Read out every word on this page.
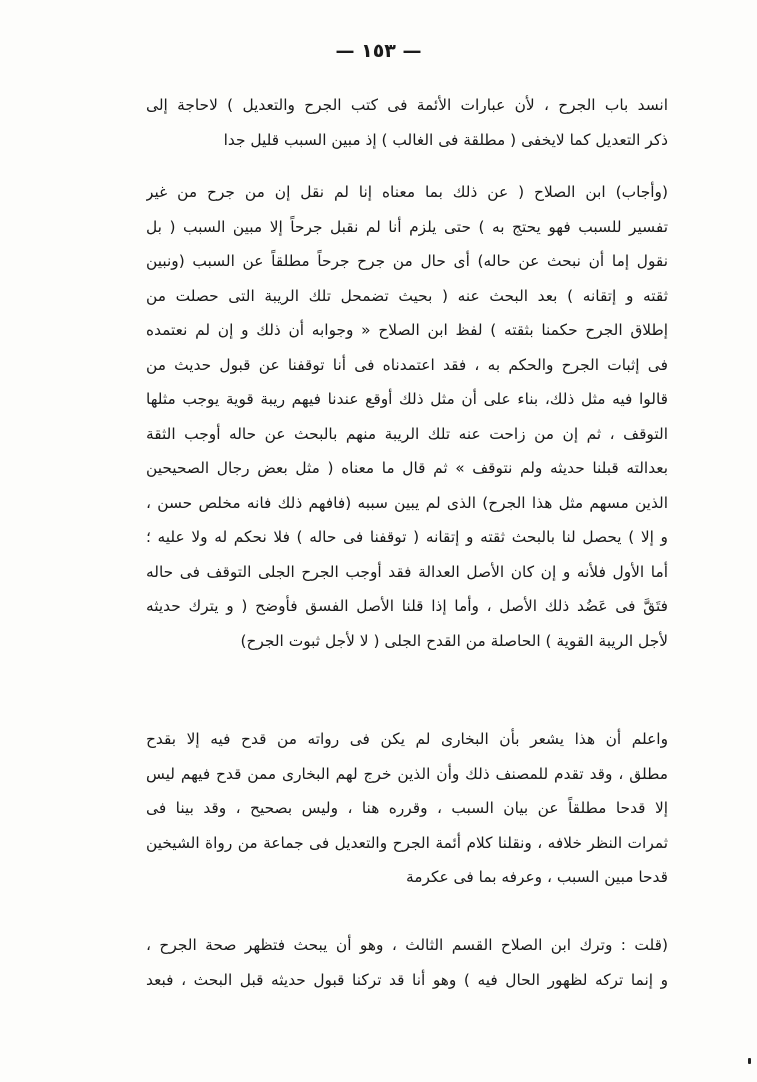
— ١٥٣ —
انسد باب الجرح ، لأن عبارات الأئمة فى كتب الجرح والتعديل ) لاحاجة إلى
ذكر التعديل كما لايخفى ( مطلقة فى الغالب ) إذ مبين السبب قليل جدا
(وأجاب) ابن الصلاح ( عن ذلك بما معناه إنا لم نقل إن من جرح من غير
تفسير للسبب فهو يحتج به ) حتى يلزم أنا لم نقبل جرحاً إلا مبين السبب ( بل
نقول إما أن نبحث عن حاله) أى حال من جرح جرحاً مطلقاً عن السبب (ونبين
ثقته و إتقانه ) بعد البحث عنه ( بحيث تضمحل تلك الريبة التى حصلت من
إطلاق الجرح حكمنا بثقته ) لفظ ابن الصلاح « وجوابه أن ذلك و إن لم نعتمده
فى إثبات الجرح والحكم به ، فقد اعتمدناه فى أنا توقفنا عن قبول حديث من
قالوا فيه مثل ذلك، بناء على أن مثل ذلك أوقع عندنا فيهم ريبة قوية يوجب مثلها
التوقف ، ثم إن من زاحت عنه تلك الريبة منهم بالبحث عن حاله أوجب الثقة
بعدالته قبلنا حديثه ولم نتوقف » ثم قال ما معناه ( مثل بعض رجال الصحيحين
الذين مسهم مثل هذا الجرح) الذى لم يبين سببه (فافهم ذلك فانه مخلص حسن ،
و إلا ) يحصل لنا بالبحث ثقته و إتقانه ( توقفنا فى حاله ) فلا نحكم له ولا عليه ؛
أما الأول فلأنه و إن كان الأصل العدالة فقد أوجب الجرح الجلى التوقف فى حاله
فتَقَّ فى عَضُد ذلك الأصل ، وأما إذا قلنا الأصل الفسق فأوضح ( و يترك حديثه
لأجل الريبة القوية ) الحاصلة من القدح الجلى ( لا لأجل ثبوت الجرح)
واعلم أن هذا يشعر بأن البخارى لم يكن فى رواته من قدح فيه إلا بقدح
مطلق ، وقد تقدم للمصنف ذلك وأن الذين خرج لهم البخارى ممن قدح فيهم ليس
إلا قدحا مطلقاً عن بيان السبب ، وقرره هنا ، وليس بصحيح ، وقد بينا فى
ثمرات النظر خلافه ، ونقلنا كلام أئمة الجرح والتعديل فى جماعة من رواة الشيخين
قدحا مبين السبب ، وعرفه بما فى عكرمة
(قلت : وترك ابن الصلاح القسم الثالث ، وهو أن يبحث فتظهر صحة الجرح ،
و إنما تركه لظهور الحال فيه ) وهو أنا قد تركنا قبول حديثه قبل البحث ، فبعد
